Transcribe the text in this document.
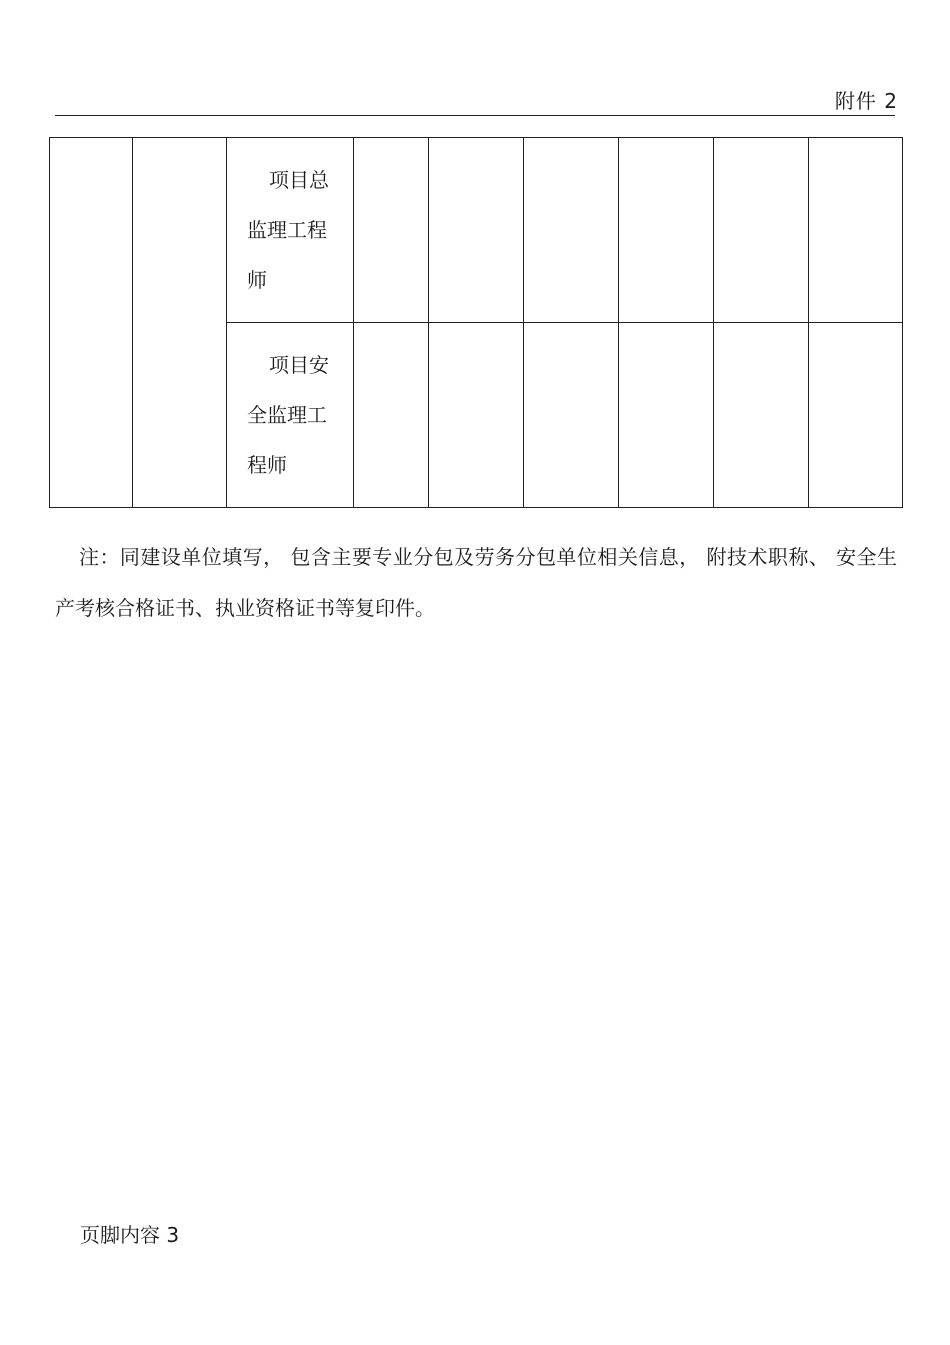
附件 2
		项目总监理工程师						
		项目安全监理工程师						

注：同建设单位填写， 包含主要专业分包及劳务分包单位相关信息， 附技术职称、 安全生产考核合格证书、执业资格证书等复印件。

页脚内容 3
